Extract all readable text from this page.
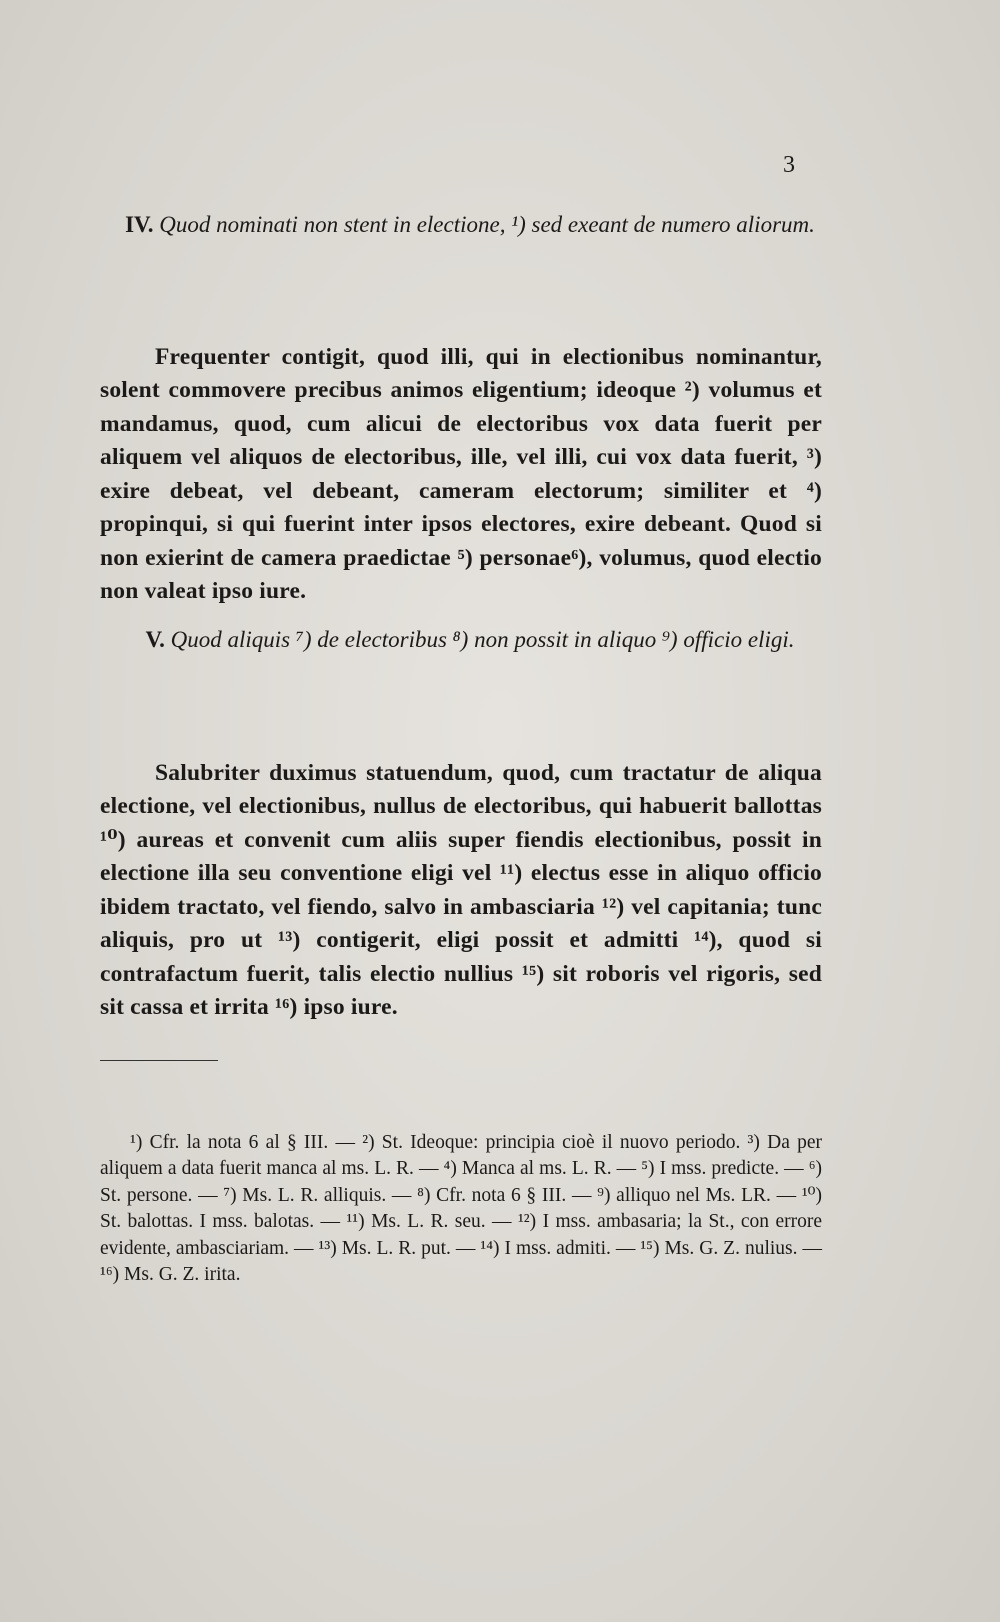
3
IV. Quod nominati non stent in electione, ¹) sed exeant de numero aliorum.

Frequenter contigit, quod illi, qui in electionibus nominantur, solent commovere precibus animos eligentium; ideoque ²) volumus et mandamus, quod, cum alicui de electoribus vox data fuerit per aliquem vel aliquos de electoribus, ille, vel illi, cui vox data fuerit, ³) exire debeat, vel debeant, cameram electorum; similiter et ⁴) propinqui, si qui fuerint inter ipsos electores, exire debeant. Quod si non exierint de camera praedictae ⁵) personae⁶), volumus, quod electio non valeat ipso iure.

V. Quod aliquis ⁷) de electoribus ⁸) non possit in aliquo ⁹) officio eligi.

Salubriter duximus statuendum, quod, cum tractatur de aliqua electione, vel electionibus, nullus de electoribus, qui habuerit ballottas ¹⁰) aureas et convenit cum aliis super fiendis electionibus, possit in electione illa seu conventione eligi vel ¹¹) electus esse in aliquo officio ibidem tractato, vel fiendo, salvo in ambasciaria ¹²) vel capitania; tunc aliquis, pro ut ¹³) contigerit, eligi possit et admitti ¹⁴), quod si contrafactum fuerit, talis electio nullius ¹⁵) sit roboris vel rigoris, sed sit cassa et irrita ¹⁶) ipso iure.

¹) Cfr. la nota 6 al § III. — ²) St. Ideoque: principia cioè il nuovo periodo. ³) Da per aliquem a data fuerit manca al ms. L. R. — ⁴) Manca al ms. L. R. — ⁵) I mss. predicte. — ⁶) St. persone. — ⁷) Ms. L. R. alliquis. — ⁸) Cfr. nota 6 § III. — ⁹) alliquo nel Ms. LR. — ¹⁰) St. balottas. I mss. balotas. — ¹¹) Ms. L. R. seu. — ¹²) I mss. ambasaria; la St., con errore evidente, ambasciariam. — ¹³) Ms. L. R. put. — ¹⁴) I mss. admiti. — ¹⁵) Ms. G. Z. nulius. — ¹⁶) Ms. G. Z. irita.
